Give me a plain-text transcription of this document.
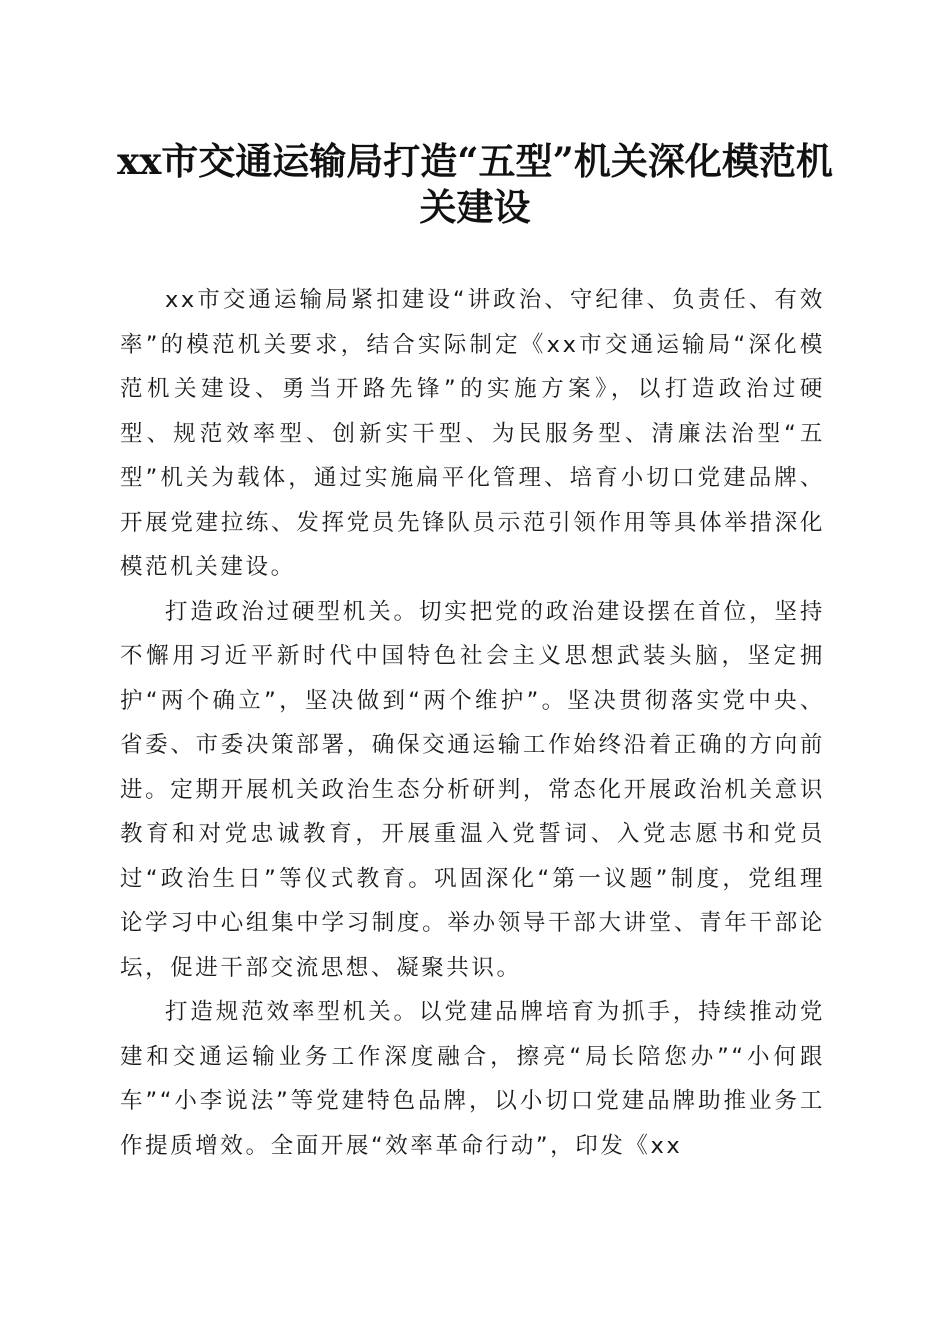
xx市交通运输局打造“五型”机关深化模范机关建设

xx市交通运输局紧扣建设“讲政治、守纪律、负责任、有效率”的模范机关要求，结合实际制定《xx市交通运输局“深化模范机关建设、勇当开路先锋”的实施方案》，以打造政治过硬型、规范效率型、创新实干型、为民服务型、清廉法治型“五型”机关为载体，通过实施扁平化管理、培育小切口党建品牌、开展党建拉练、发挥党员先锋队员示范引领作用等具体举措深化模范机关建设。

打造政治过硬型机关。切实把党的政治建设摆在首位，坚持不懈用习近平新时代中国特色社会主义思想武装头脑，坚定拥护“两个确立”，坚决做到“两个维护”。坚决贯彻落实党中央、省委、市委决策部署，确保交通运输工作始终沿着正确的方向前进。定期开展机关政治生态分析研判，常态化开展政治机关意识教育和对党忠诚教育，开展重温入党誓词、入党志愿书和党员过“政治生日”等仪式教育。巩固深化“第一议题”制度，党组理论学习中心组集中学习制度。举办领导干部大讲堂、青年干部论坛，促进干部交流思想、凝聚共识。

打造规范效率型机关。以党建品牌培育为抓手，持续推动党建和交通运输业务工作深度融合，擦亮“局长陪您办”“小何跟车”“小李说法”等党建特色品牌，以小切口党建品牌助推业务工作提质增效。全面开展“效率革命行动”，印发《xx
